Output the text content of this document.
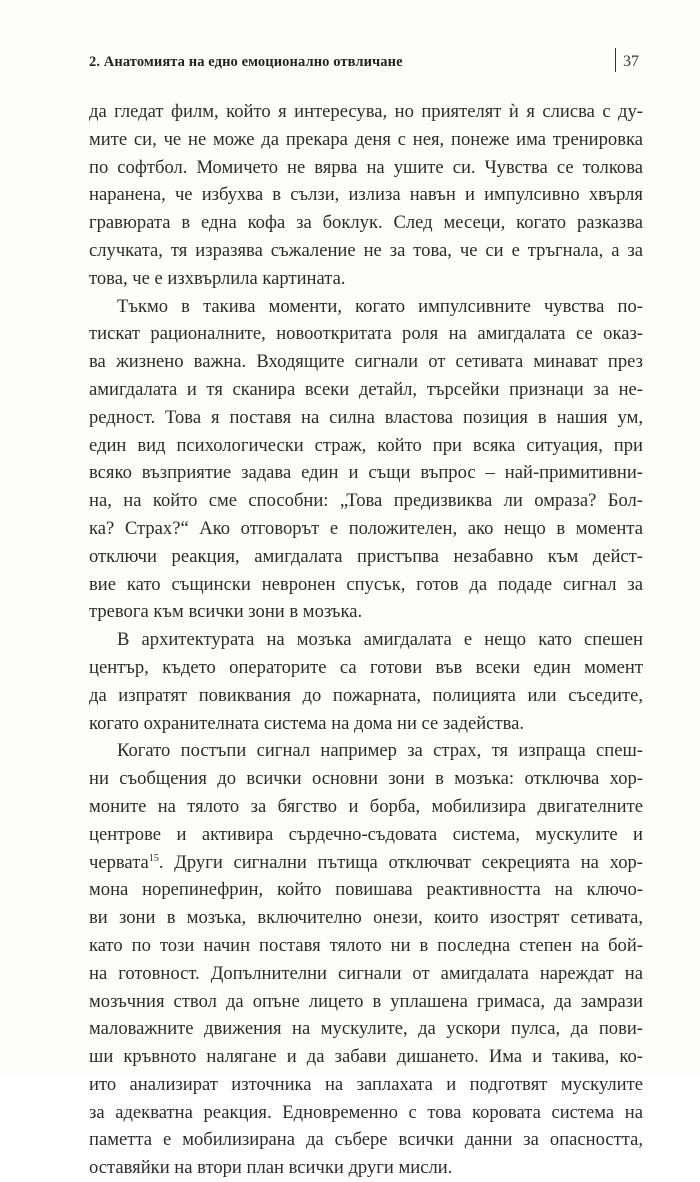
2. Анатомията на едно емоционално отвличане	37
да гледат филм, който я интересува, но приятелят ѝ я слисва с ду-
мите си, че не може да прекара деня с нея, понеже има тренировка
по софтбол. Момичето не вярва на ушите си. Чувства се толкова
наранена, че избухва в сълзи, излиза навън и импулсивно хвърля
гравюрата в една кофа за боклук. След месеци, когато разказва
случката, тя изразява съжаление не за това, че си е тръгнала, а за
това, че е изхвърлила картината.
Тъкмо в такива моменти, когато импулсивните чувства по-
тискат рационалните, новооткритата роля на амигдалата се оказ-
ва жизнено важна. Входящите сигнали от сетивата минават през
амигдалата и тя сканира всеки детайл, търсейки признаци за не-
редност. Това я поставя на силна властова позиция в нашия ум,
един вид психологически страж, който при всяка ситуация, при
всяко възприятие задава един и същи въпрос – най-примитивни-
на, на който сме способни: „Това предизвиква ли омраза? Бол-
ка? Страх?“ Ако отговорът е положителен, ако нещо в момента
отключи реакция, амигдалата пристъпва незабавно към дейст-
вие като същински невронен спусък, готов да подаде сигнал за
тревога към всички зони в мозъка.
В архитектурата на мозъка амигдалата е нещо като спешен
център, където операторите са готови във всеки един момент
да изпратят повиквания до пожарната, полицията или съседите,
когато охранителната система на дома ни се задейства.
Когато постъпи сигнал например за страх, тя изпраща спеш-
ни съобщения до всички основни зони в мозъка: отключва хор-
моните на тялото за бягство и борба, мобилизира двигателните
центрове и активира сърдечно-съдовата система, мускулите и
червата$^{15}$. Други сигнални пътища отключват секрецията на хор-
мона норепинефрин, който повишава реактивността на ключо-
ви зони в мозъка, включително онези, които изострят сетивата,
като по този начин поставя тялото ни в последна степен на бой-
на готовност. Допълнителни сигнали от амигдалата нареждат на
мозъчния ствол да опъне лицето в уплашена гримаса, да замрази
маловажните движения на мускулите, да ускори пулса, да пови-
ши кръвното налягане и да забави дишането. Има и такива, ко-
ито анализират източника на заплахата и подготвят мускулите
за адекватна реакция. Едновременно с това коровата система на
паметта е мобилизирана да събере всички данни за опасността,
оставяйки на втори план всички други мисли.
